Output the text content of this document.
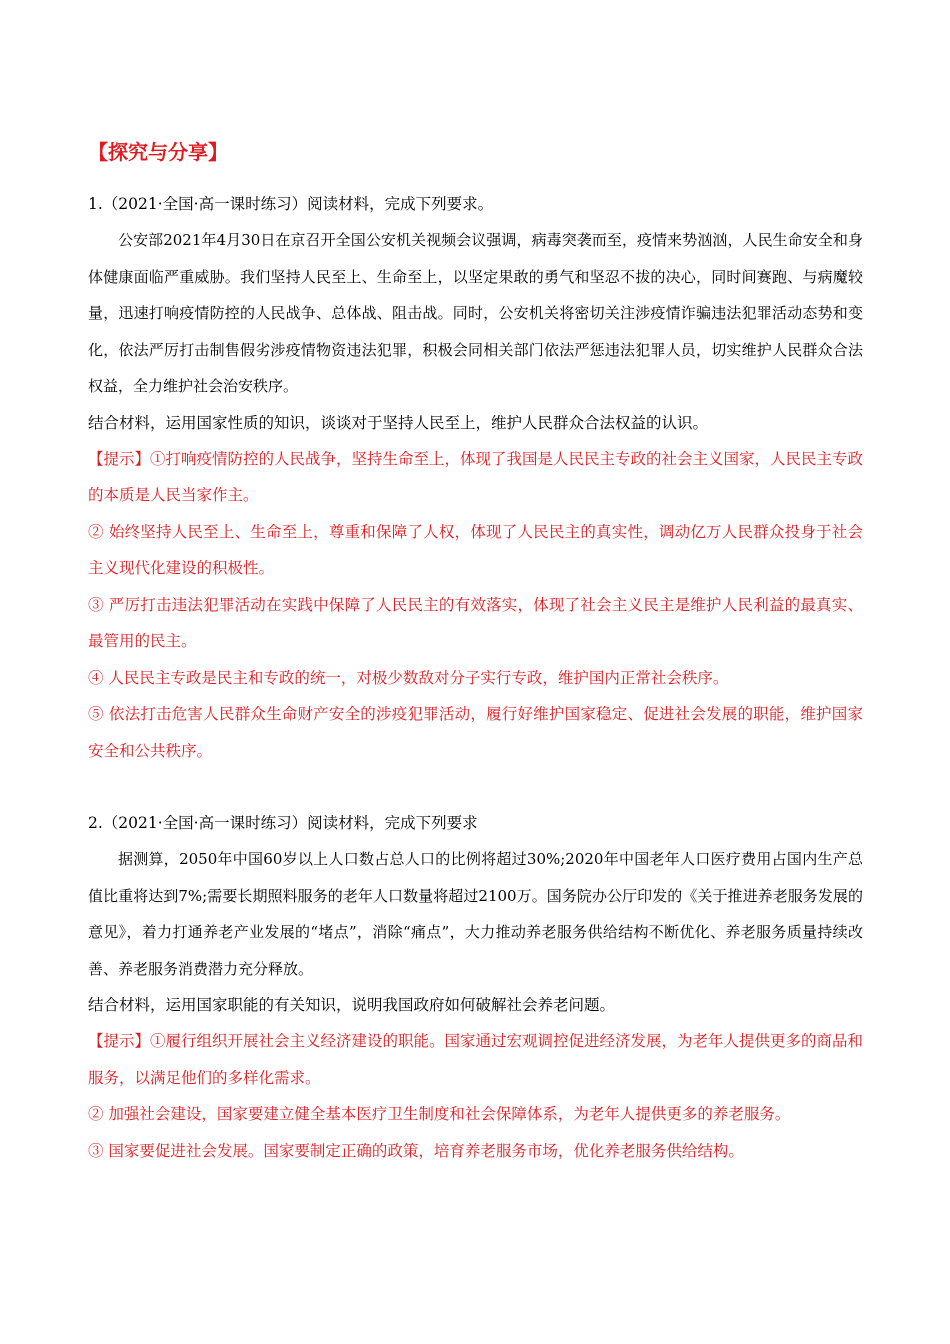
【探究与分享】
1.（2021·全国·高一课时练习）阅读材料，完成下列要求。

公安部2021年4月30日在京召开全国公安机关视频会议强调，病毒突袭而至，疫情来势汹汹，人民生命安全和身体健康面临严重威胁。我们坚持人民至上、生命至上，以坚定果敢的勇气和坚忍不拔的决心，同时间赛跑、与病魔较量，迅速打响疫情防控的人民战争、总体战、阻击战。同时，公安机关将密切关注涉疫情诈骗违法犯罪活动态势和变化，依法严厉打击制售假劣涉疫情物资违法犯罪，积极会同相关部门依法严惩违法犯罪人员，切实维护人民群众合法权益，全力维护社会治安秩序。

结合材料，运用国家性质的知识，谈谈对于坚持人民至上，维护人民群众合法权益的认识。

【提示】①打响疫情防控的人民战争，坚持生命至上，体现了我国是人民民主专政的社会主义国家，人民民主专政的本质是人民当家作主。

② 始终坚持人民至上、生命至上，尊重和保障了人权，体现了人民民主的真实性，调动亿万人民群众投身于社会主义现代化建设的积极性。

③ 严厉打击违法犯罪活动在实践中保障了人民民主的有效落实，体现了社会主义民主是维护人民利益的最真实、最管用的民主。

④ 人民民主专政是民主和专政的统一，对极少数敌对分子实行专政，维护国内正常社会秩序。

⑤ 依法打击危害人民群众生命财产安全的涉疫犯罪活动，履行好维护国家稳定、促进社会发展的职能，维护国家安全和公共秩序。

2.（2021·全国·高一课时练习）阅读材料，完成下列要求

据测算，2050年中国60岁以上人口数占总人口的比例将超过30%;2020年中国老年人口医疗费用占国内生产总值比重将达到7%;需要长期照料服务的老年人口数量将超过2100万。国务院办公厅印发的《关于推进养老服务发展的意见》，着力打通养老产业发展的“堵点”，消除“痛点”，大力推动养老服务供给结构不断优化、养老服务质量持续改善、养老服务消费潜力充分释放。

结合材料，运用国家职能的有关知识，说明我国政府如何破解社会养老问题。

【提示】①履行组织开展社会主义经济建设的职能。国家通过宏观调控促进经济发展，为老年人提供更多的商品和服务，以满足他们的多样化需求。

② 加强社会建设，国家要建立健全基本医疗卫生制度和社会保障体系，为老年人提供更多的养老服务。

③ 国家要促进社会发展。国家要制定正确的政策，培育养老服务市场，优化养老服务供给结构。
